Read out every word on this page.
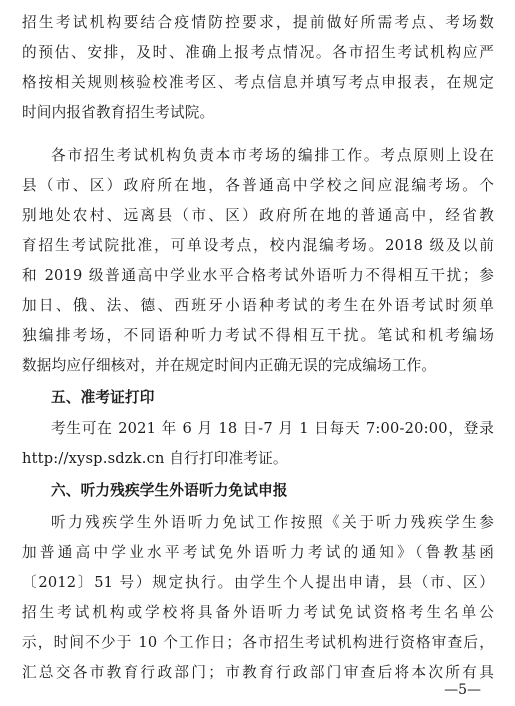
招生考试机构要结合疫情防控要求，提前做好所需考点、考场数
的预估、安排，及时、准确上报考点情况。各市招生考试机构应严
格按相关规则核验校准考区、考点信息并填写考点申报表，在规定
时间内报省教育招生考试院。
各市招生考试机构负责本市考场的编排工作。考点原则上设在
县（市、区）政府所在地，各普通高中学校之间应混编考场。个
别地处农村、远离县（市、区）政府所在地的普通高中，经省教
育招生考试院批准，可单设考点，校内混编考场。2018 级及以前
和 2019 级普通高中学业水平合格考试外语听力不得相互干扰；参
加日、俄、法、德、西班牙小语种考试的考生在外语考试时须单
独编排考场，不同语种听力考试不得相互干扰。笔试和机考编场
数据均应仔细核对，并在规定时间内正确无误的完成编场工作。
五、准考证打印
考生可在 2021 年 6 月 18 日-7 月 1 日每天 7:00-20:00，登录
http://xysp.sdzk.cn 自行打印准考证。
六、听力残疾学生外语听力免试申报
听力残疾学生外语听力免试工作按照《关于听力残疾学生参
加普通高中学业水平考试免外语听力考试的通知》（鲁教基函
〔2012〕51 号）规定执行。由学生个人提出申请，县（市、区）
招生考试机构或学校将具备外语听力考试免试资格考生名单公
示，时间不少于 10 个工作日；各市招生考试机构进行资格审查后，
汇总交各市教育行政部门；市教育行政部门审查后将本次所有具
—5—
